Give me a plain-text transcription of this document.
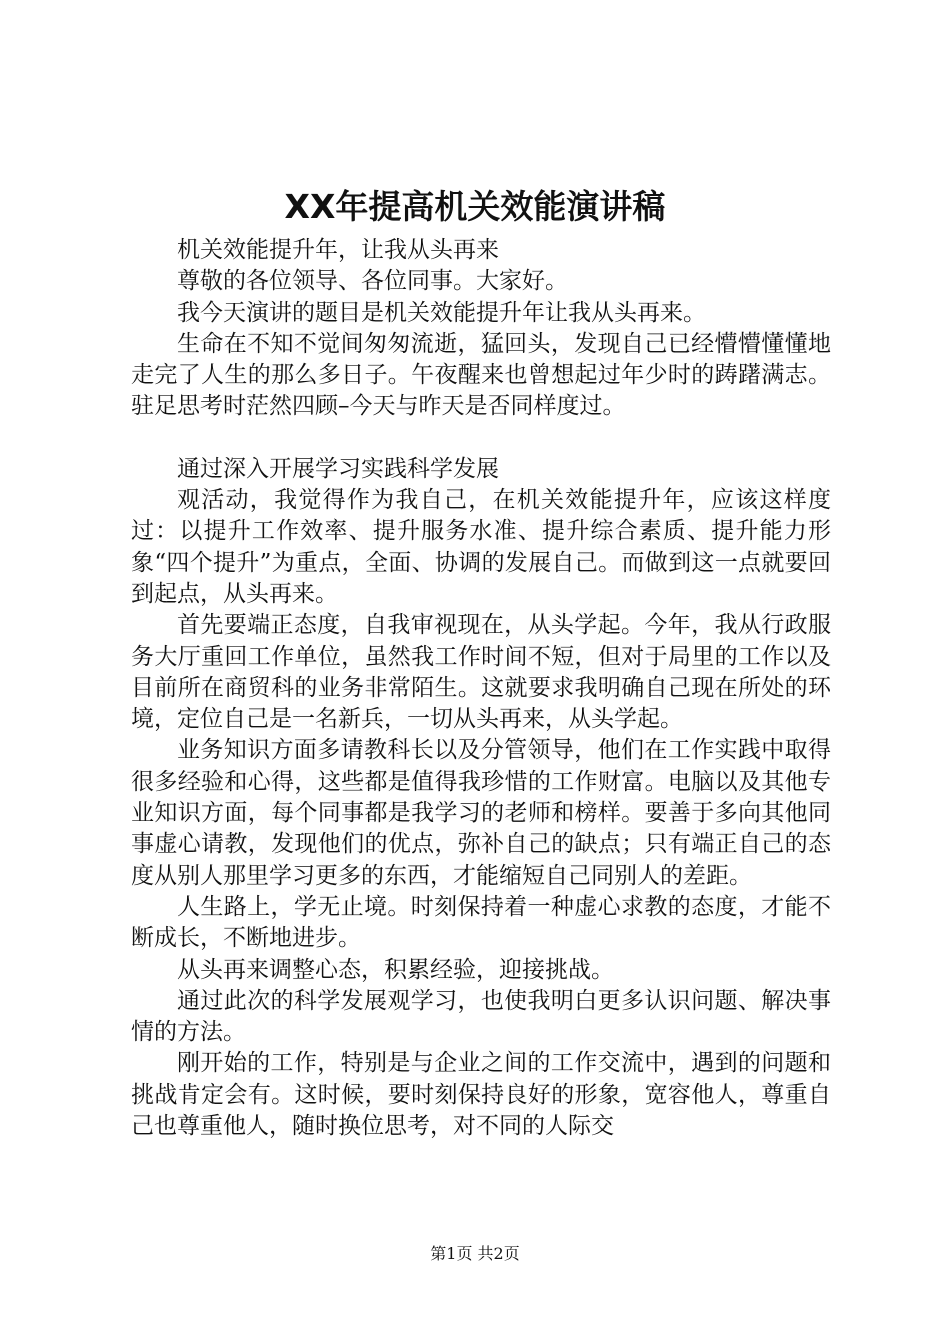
XX年提高机关效能演讲稿

机关效能提升年，让我从头再来

尊敬的各位领导、各位同事。大家好。

我今天演讲的题目是机关效能提升年让我从头再来。

生命在不知不觉间匆匆流逝，猛回头，发现自己已经懵懵懂懂地走完了人生的那么多日子。午夜醒来也曾想起过年少时的踌躇满志。驻足思考时茫然四顾–今天与昨天是否同样度过。

通过深入开展学习实践科学发展

观活动，我觉得作为我自己，在机关效能提升年，应该这样度过：以提升工作效率、提升服务水准、提升综合素质、提升能力形象“四个提升”为重点，全面、协调的发展自己。而做到这一点就要回到起点，从头再来。

首先要端正态度，自我审视现在，从头学起。今年，我从行政服务大厅重回工作单位，虽然我工作时间不短，但对于局里的工作以及目前所在商贸科的业务非常陌生。这就要求我明确自己现在所处的环境，定位自己是一名新兵，一切从头再来，从头学起。

业务知识方面多请教科长以及分管领导，他们在工作实践中取得很多经验和心得，这些都是值得我珍惜的工作财富。电脑以及其他专业知识方面，每个同事都是我学习的老师和榜样。要善于多向其他同事虚心请教，发现他们的优点，弥补自己的缺点；只有端正自己的态度从别人那里学习更多的东西，才能缩短自己同别人的差距。

人生路上，学无止境。时刻保持着一种虚心求教的态度，才能不断成长，不断地进步。

从头再来调整心态，积累经验，迎接挑战。

通过此次的科学发展观学习，也使我明白更多认识问题、解决事情的方法。

刚开始的工作，特别是与企业之间的工作交流中，遇到的问题和挑战肯定会有。这时候，要时刻保持良好的形象，宽容他人，尊重自己也尊重他人，随时换位思考，对不同的人际交

第1页 共2页
